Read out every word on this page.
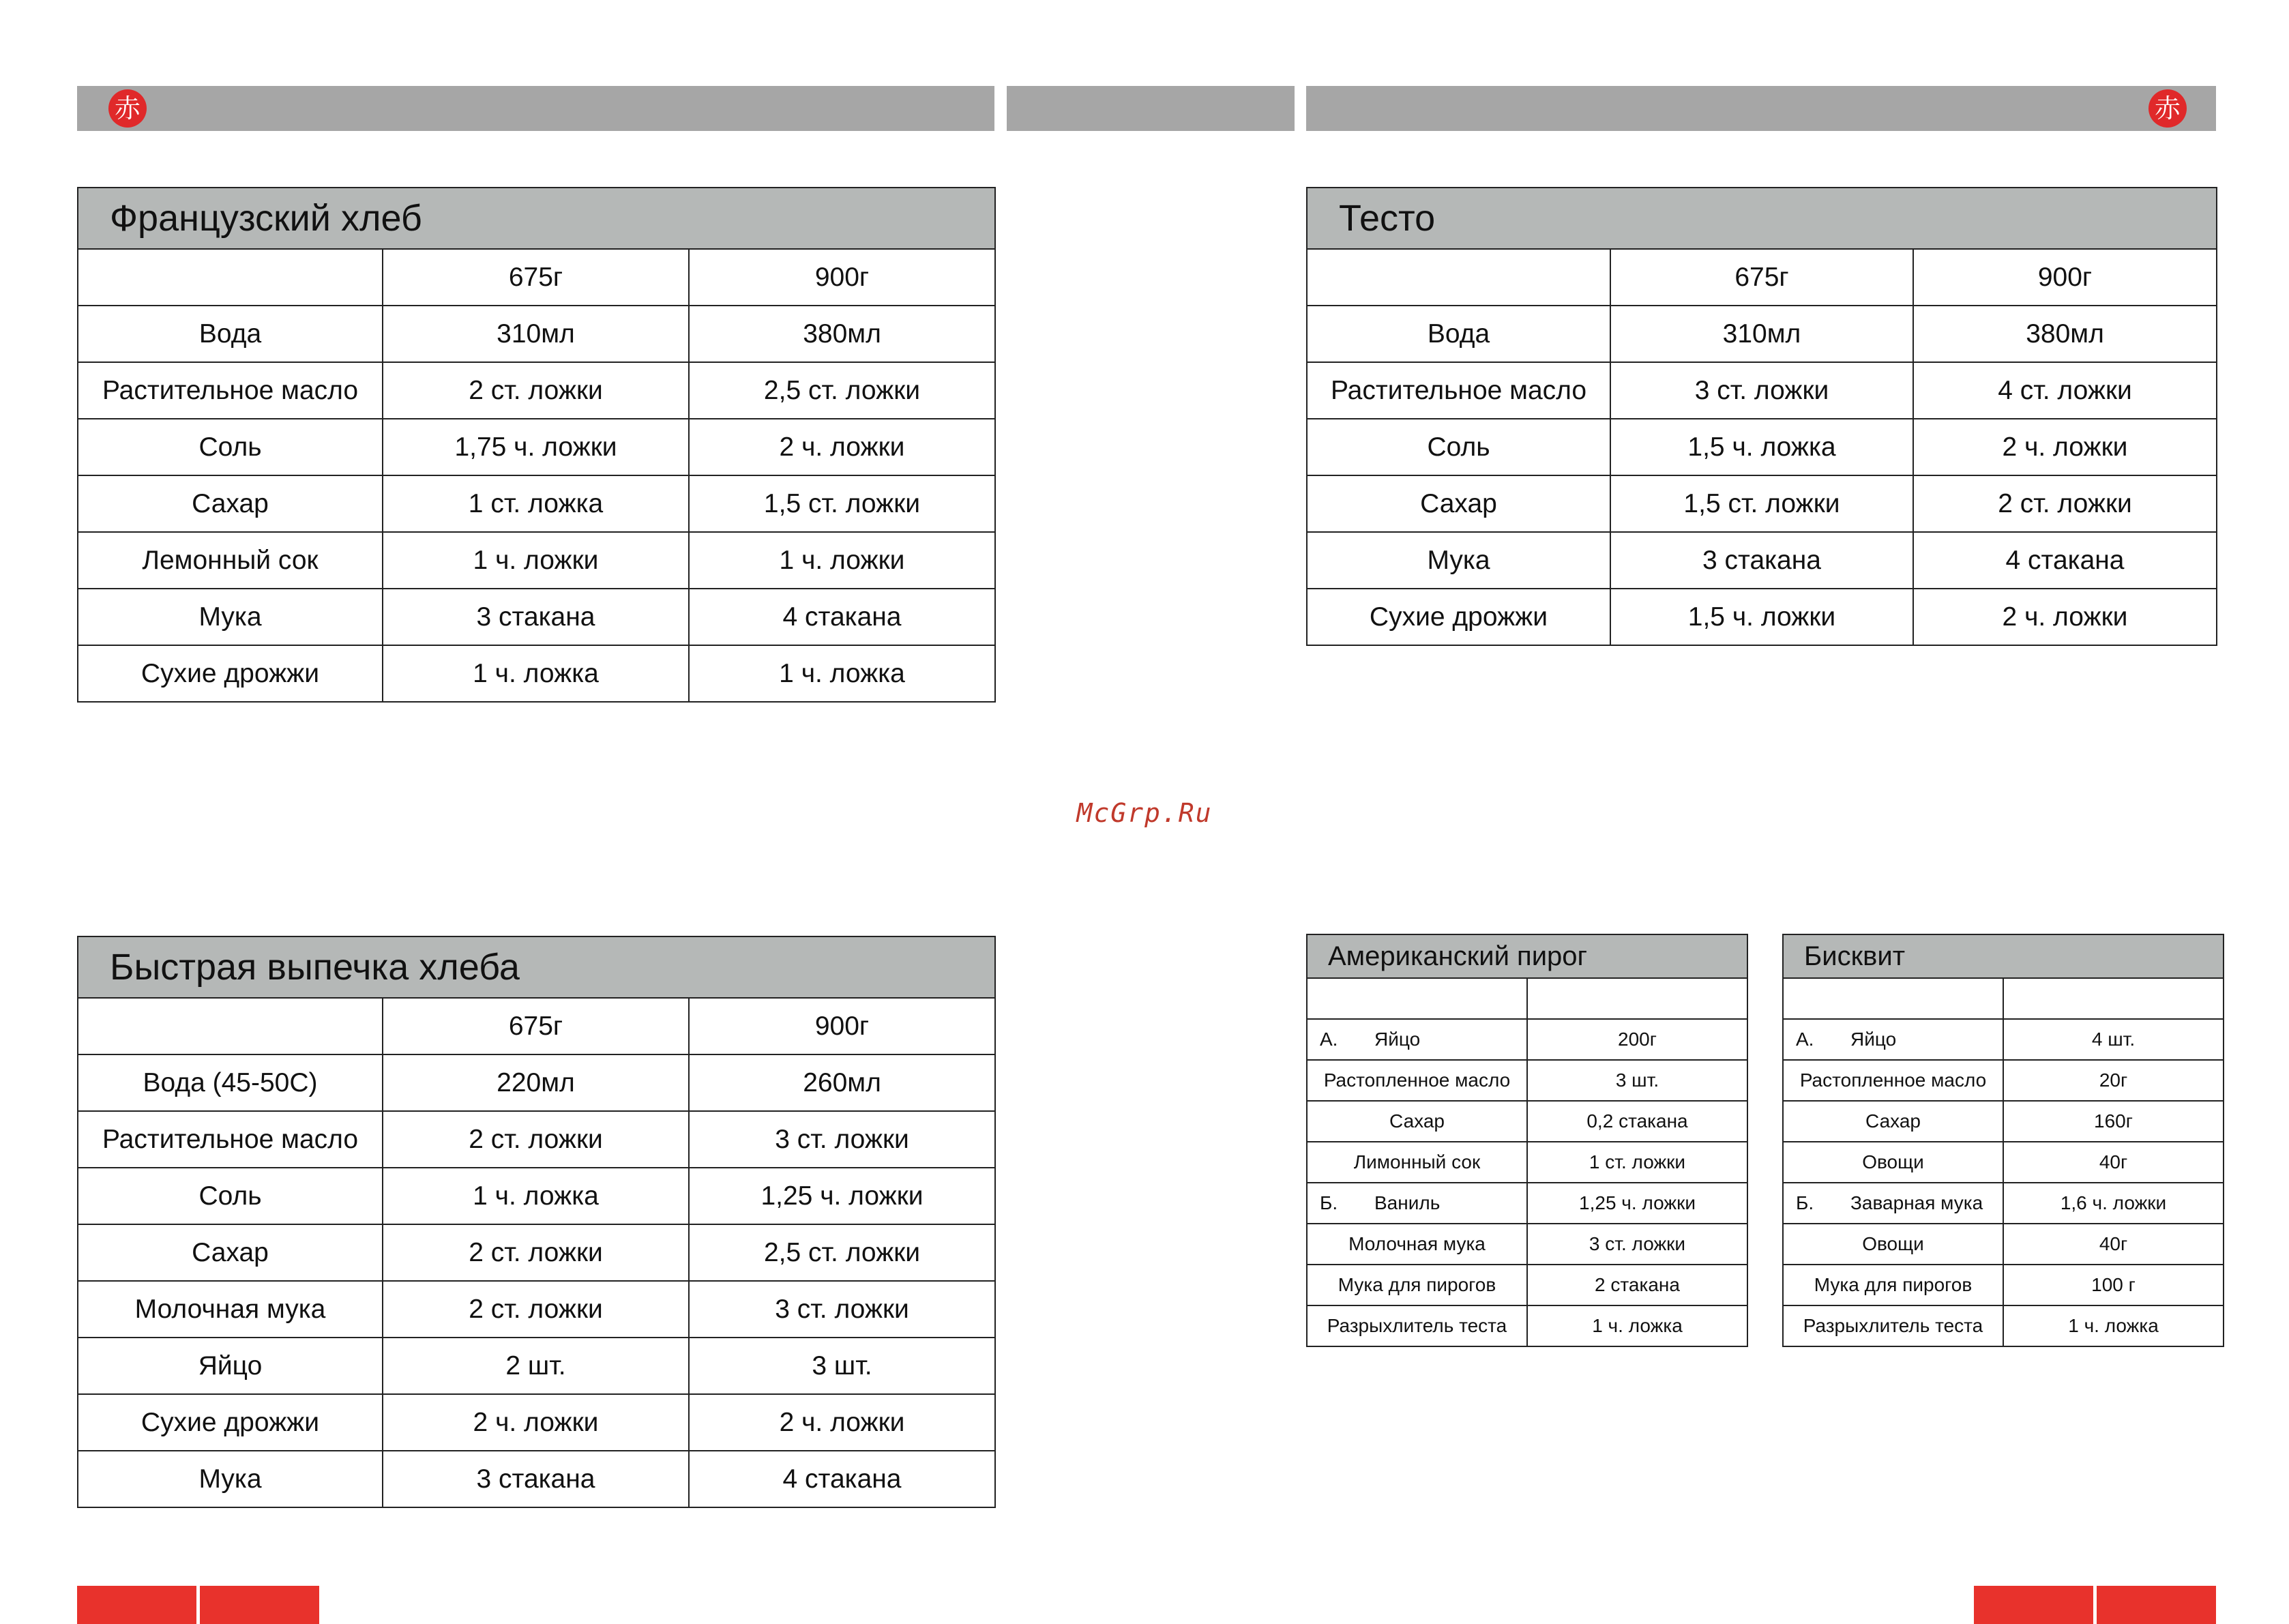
赤	赤
Французский хлеб		
	675г	900г
Вода	310мл	380мл
Растительное масло	2 ст. ложки	2,5 ст. ложки
Соль	1,75 ч. ложки	2 ч. ложки
Сахар	1 ст. ложка	1,5 ст. ложки
Лемонный сок	1 ч. ложки	1 ч. ложки
Мука	3 стакана	4 стакана
Сухие дрожжи	1 ч. ложка	1 ч. ложка
Тесто		
	675г	900г
Вода	310мл	380мл
Растительное масло	3 ст. ложки	4 ст. ложки
Соль	1,5 ч. ложка	2 ч. ложки
Сахар	1,5 ст. ложки	2 ст. ложки
Мука	3 стакана	4 стакана
Сухие дрожжи	1,5 ч. ложки	2 ч. ложки
McGrp.Ru
Быстрая выпечка хлеба		
	675г	900г
Вода (45-50С)	220мл	260мл
Растительное масло	2 ст. ложки	3 ст. ложки
Соль	1 ч. ложка	1,25 ч. ложки
Сахар	2 ст. ложки	2,5 ст. ложки
Молочная мука	2 ст. ложки	3 ст. ложки
Яйцо	2 шт.	3 шт.
Сухие дрожжи	2 ч. ложки	2 ч. ложки
Мука	3 стакана	4 стакана
Американский пирог	

А. Яйцо	200г
Растопленное масло	3 шт.
Сахар	0,2 стакана
Лимонный сок	1 ст. ложки
Б. Ваниль	1,25 ч. ложки
Молочная мука	3 ст. ложки
Мука для пирогов	2 стакана
Разрыхлитель теста	1 ч. ложка
Бисквит	

А. Яйцо	4 шт.
Растопленное масло	20г
Сахар	160г
Овощи	40г
Б. Заварная мука	1,6 ч. ложки
Овощи	40г
Мука для пирогов	100 г
Разрыхлитель теста	1 ч. ложка
